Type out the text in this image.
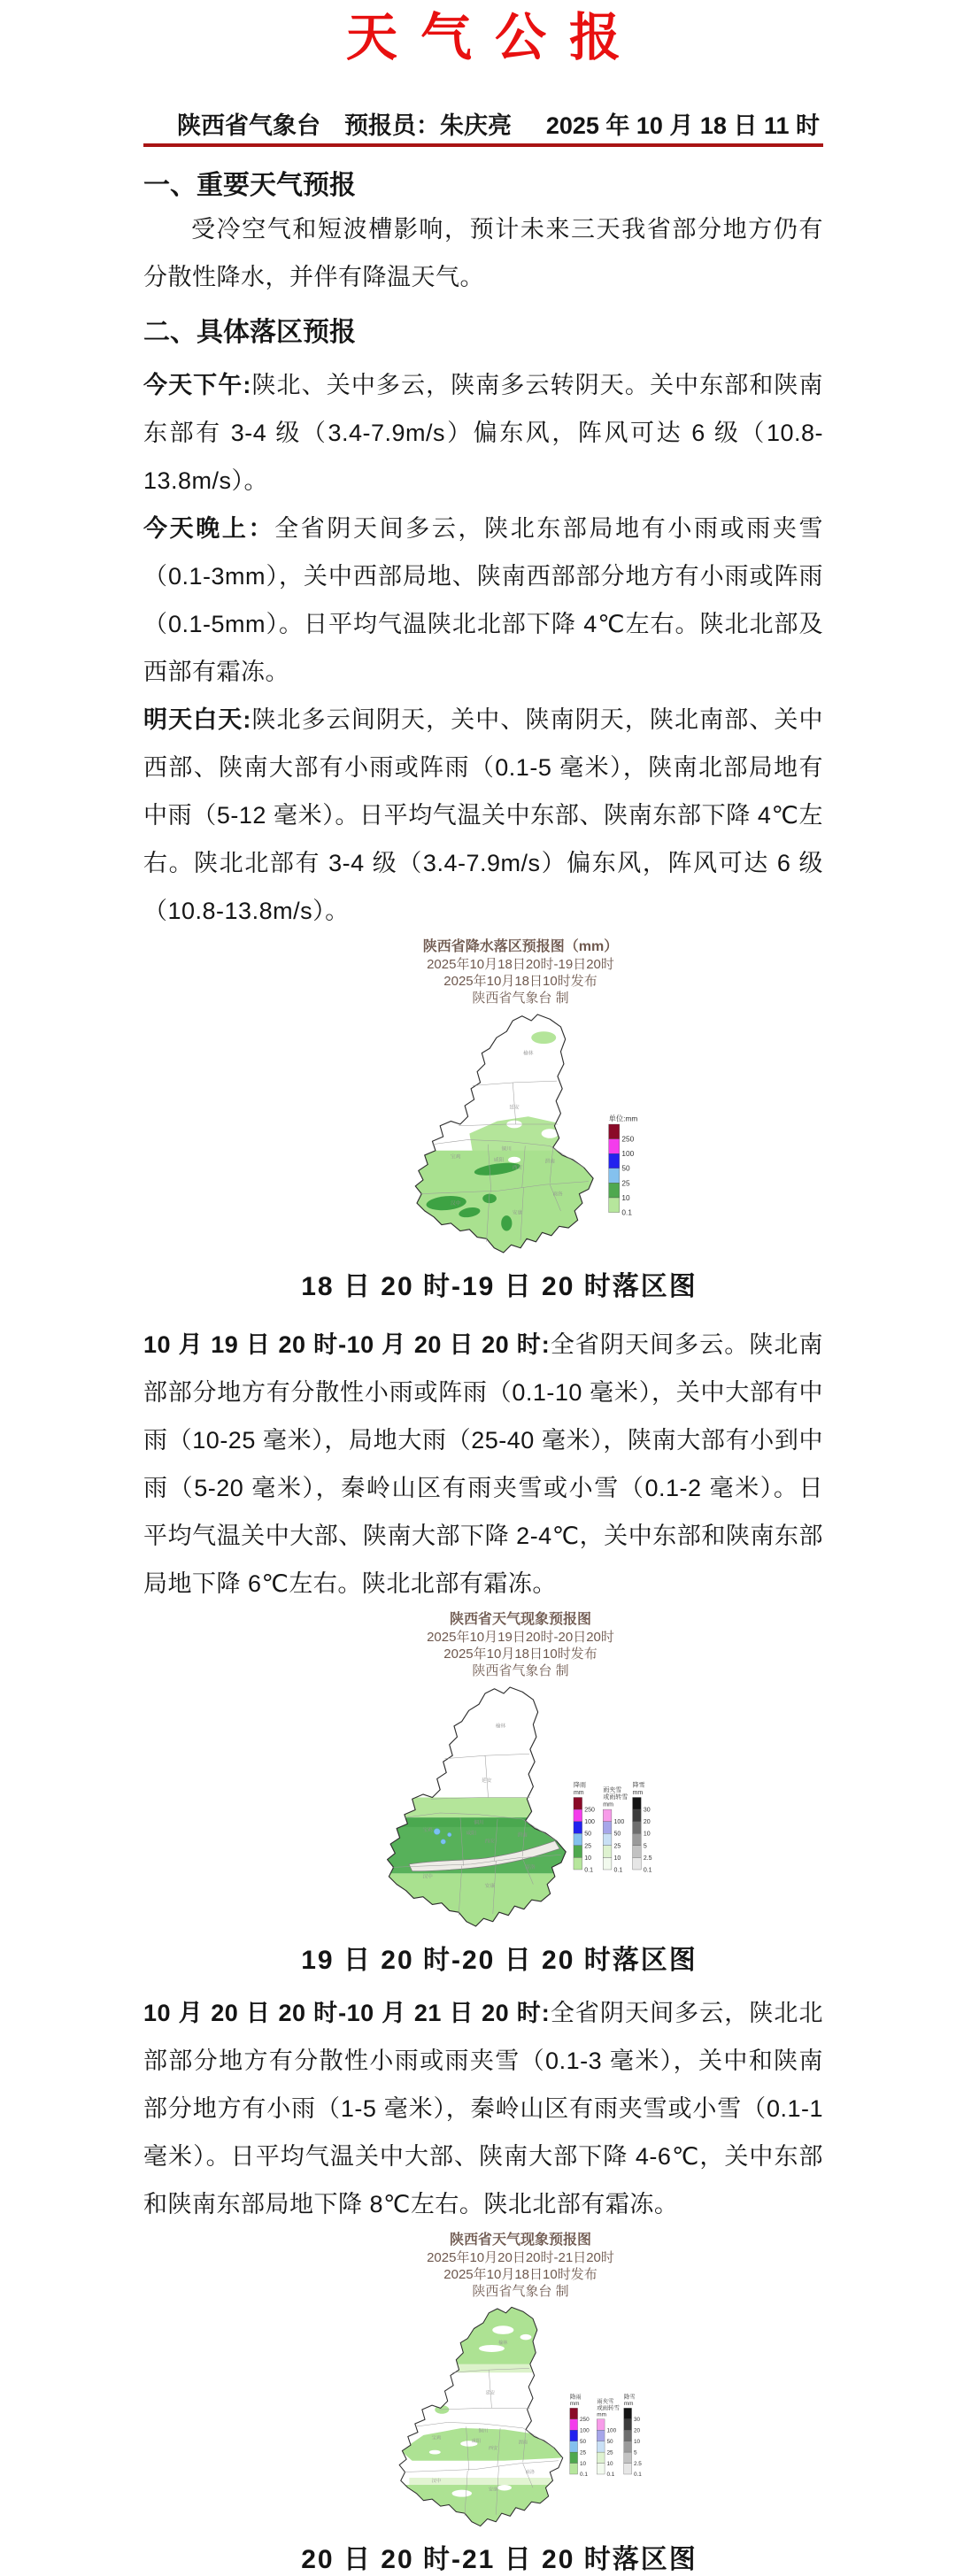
天气公报
陕西省气象台　预报员：朱庆亮 2025 年 10 月 18 日 11 时
一、重要天气预报

受冷空气和短波槽影响，预计未来三天我省部分地方仍有分散性降水，并伴有降温天气。

二、具体落区预报

今天下午:陕北、关中多云，陕南多云转阴天。关中东部和陕南东部有 3-4 级（3.4-7.9m/s）偏东风，阵风可达 6 级（10.8-13.8m/s）。

今天晚上：全省阴天间多云，陕北东部局地有小雨或雨夹雪（0.1-3mm），关中西部局地、陕南西部部分地方有小雨或阵雨（0.1-5mm）。日平均气温陕北北部下降 4℃左右。陕北北部及西部有霜冻。

明天白天:陕北多云间阴天，关中、陕南阴天，陕北南部、关中西部、陕南大部有小雨或阵雨（0.1-5 毫米），陕南北部局地有中雨（5-12 毫米）。日平均气温关中东部、陕南东部下降 4℃左右。陕北北部有 3-4 级（3.4-7.9m/s）偏东风，阵风可达 6 级（10.8-13.8m/s）。

陕西省降水落区预报图（mm）
2025年10月18日20时-19日20时
2025年10月18日10时发布
陕西省气象台 制
榆林
延安
铜川
渭南
西安
咸阳
宝鸡
汉中
安康
商洛
单位:mm
250
100
50
25
10
0.1
18 日 20 时-19 日 20 时落区图

10 月 19 日 20 时-10 月 20 日 20 时:全省阴天间多云。陕北南部部分地方有分散性小雨或阵雨（0.1-10 毫米），关中大部有中雨（10-25 毫米），局地大雨（25-40 毫米），陕南大部有小到中雨（5-20 毫米），秦岭山区有雨夹雪或小雪（0.1-2 毫米）。日平均气温关中大部、陕南大部下降 2-4℃，关中东部和陕南东部局地下降 6℃左右。陕北北部有霜冻。

陕西省天气现象预报图
2025年10月19日20时-20日20时
2025年10月18日10时发布
陕西省气象台 制
榆林
延安
铜川
渭南
西安
咸阳
宝鸡
汉中
安康
商洛
降雨
mm
250
100
50
25
10
0.1
雨夹雪
或雨转雪
mm
100
50
25
10
0.1
降雪
mm
30
20
10
5
2.5
0.1
19 日 20 时-20 日 20 时落区图

10 月 20 日 20 时-10 月 21 日 20 时:全省阴天间多云，陕北北部部分地方有分散性小雨或雨夹雪（0.1-3 毫米），关中和陕南部分地方有小雨（1-5 毫米），秦岭山区有雨夹雪或小雪（0.1-1 毫米）。日平均气温关中大部、陕南大部下降 4-6℃，关中东部和陕南东部局地下降 8℃左右。陕北北部有霜冻。

陕西省天气现象预报图
2025年10月20日20时-21日20时
2025年10月18日10时发布
陕西省气象台 制
榆林
延安
铜川
渭南
西安
咸阳
宝鸡
汉中
安康
商洛
降雨
mm
250
100
50
25
10
0.1
雨夹雪
或雨转雪
mm
100
50
25
10
0.1
降雪
mm
30
20
10
5
2.5
0.1
20 日 20 时-21 日 20 时落区图
